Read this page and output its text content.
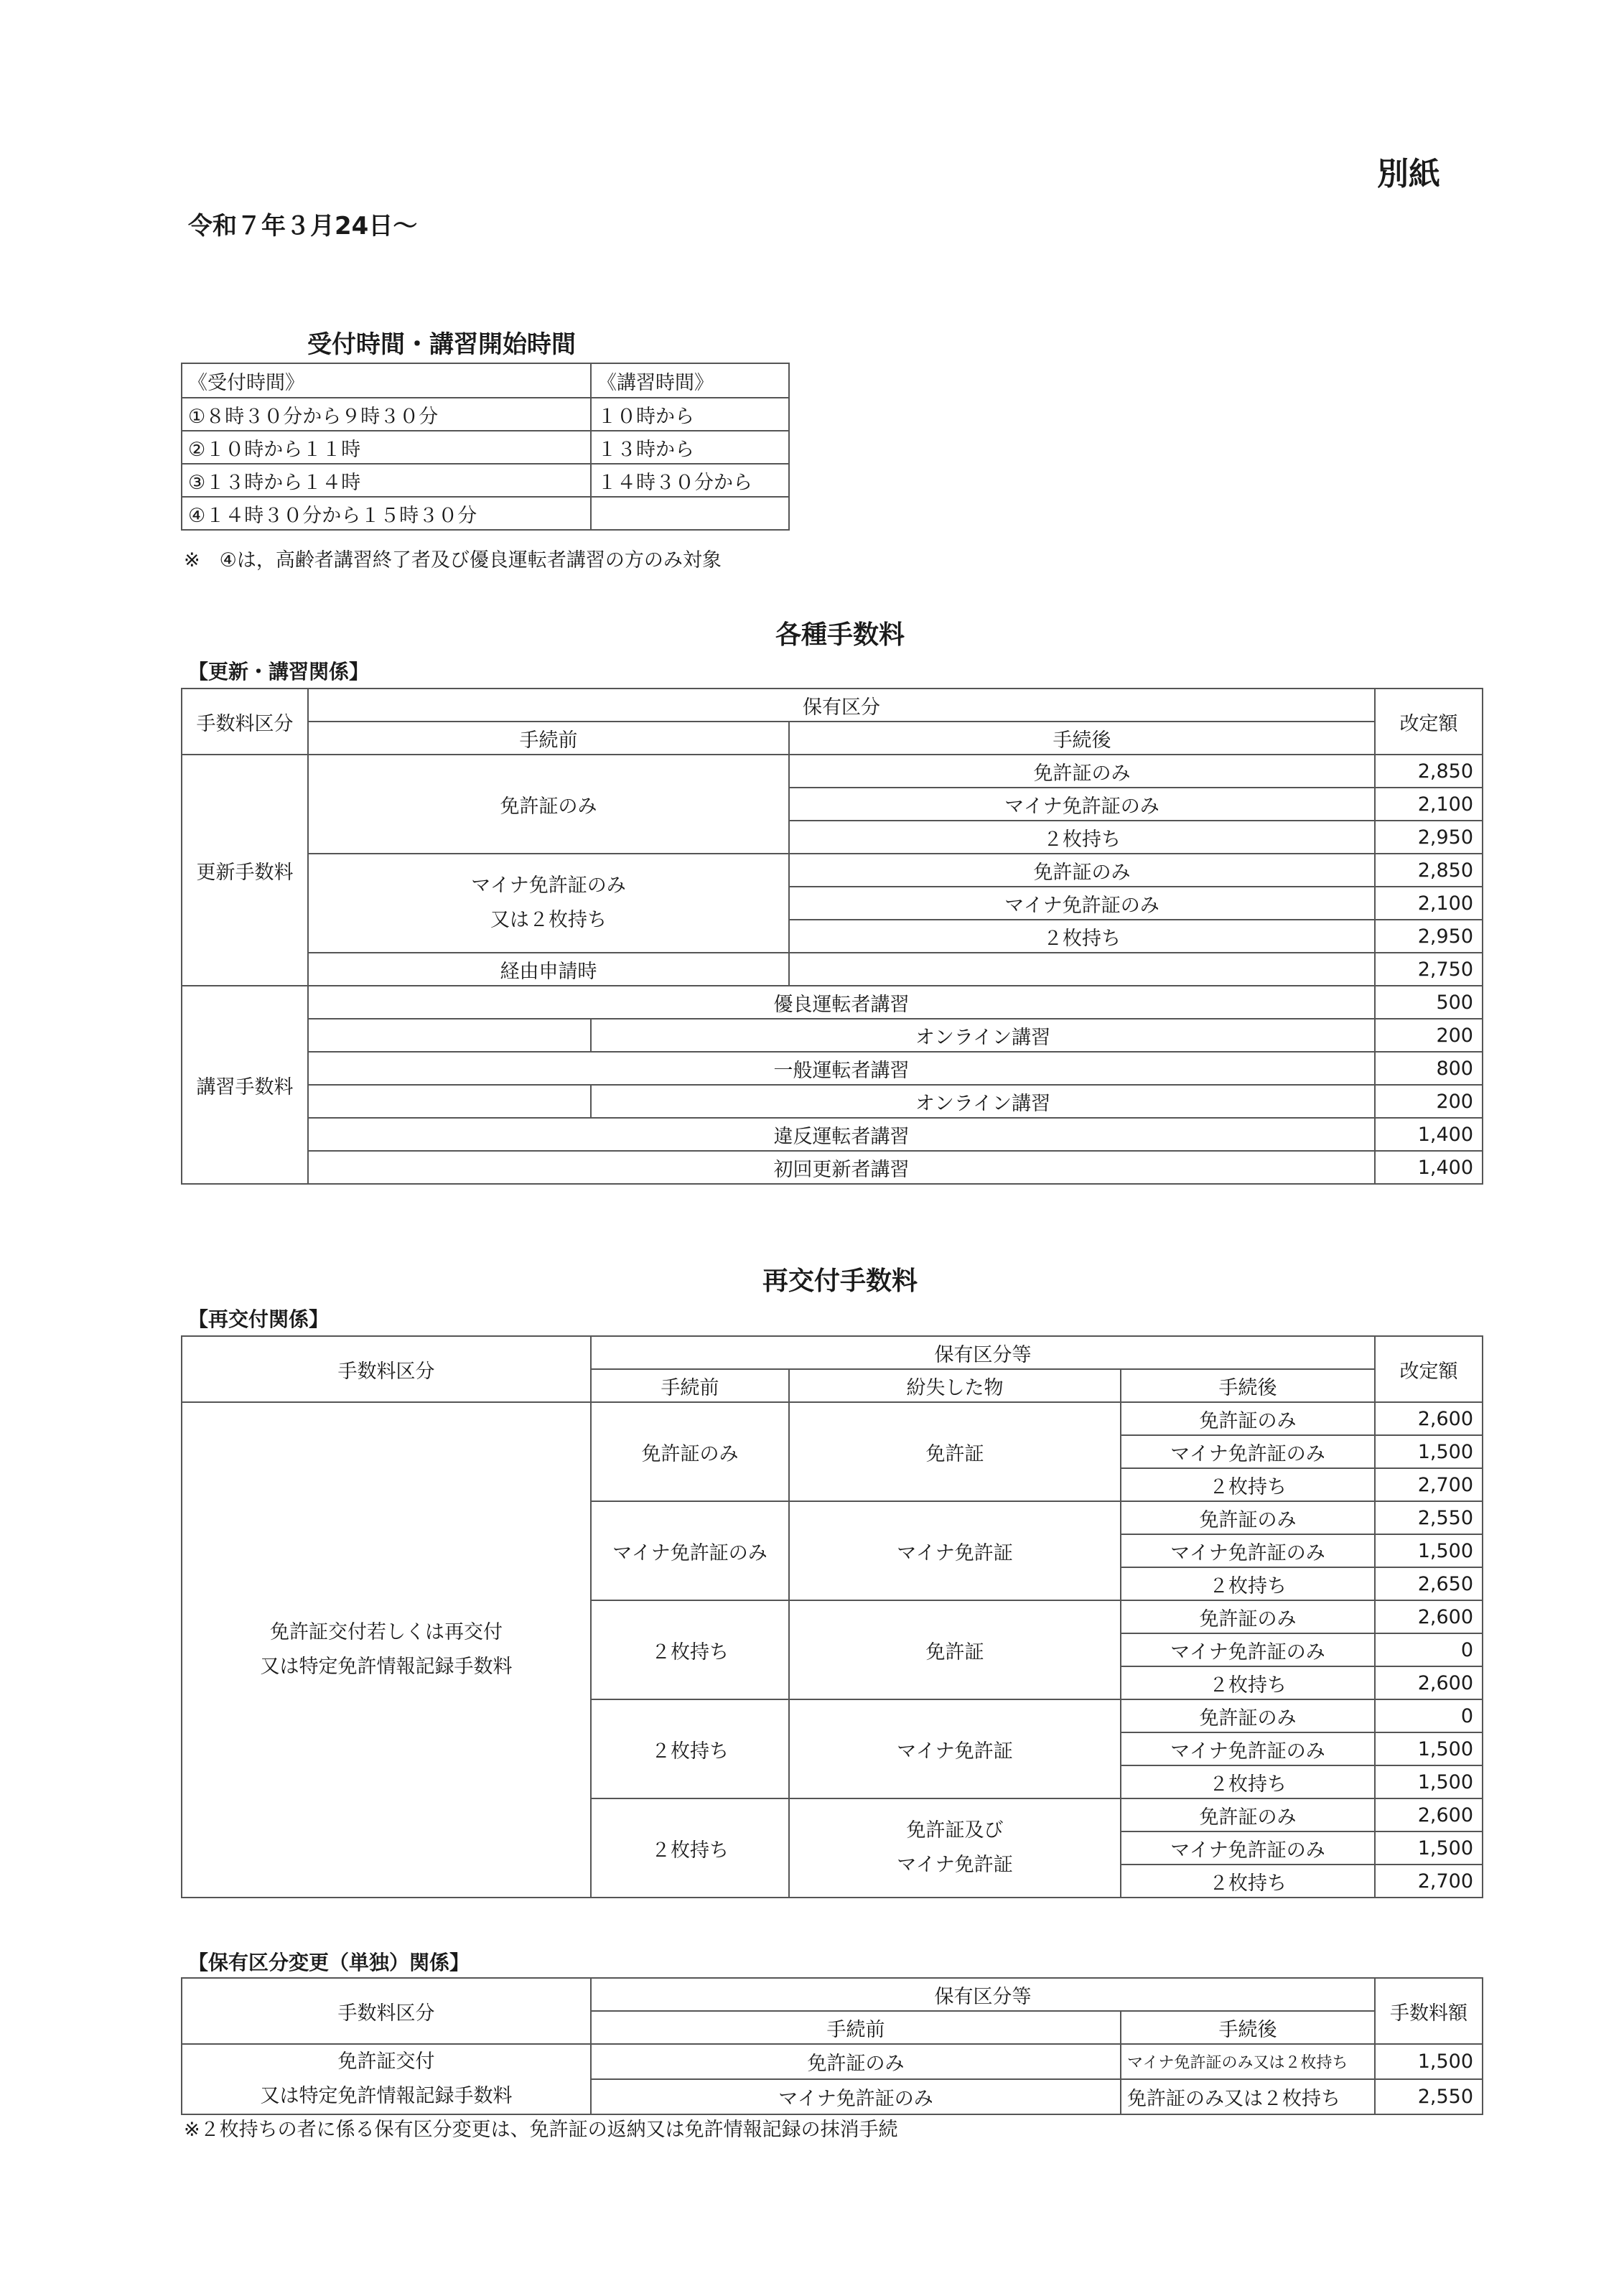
別紙
令和７年３月24日～
受付時間・講習開始時間
《受付時間》	《講習時間》
①８時３０分から９時３０分	１０時から
②１０時から１１時	１３時から
③１３時から１４時	１４時３０分から
④１４時３０分から１５時３０分	
※　④は，高齢者講習終了者及び優良運転者講習の方のみ対象
各種手数料
【更新・講習関係】
手数料区分	保有区分			改定額
	手続前		手続後	
更新手数料	免許証のみ		免許証のみ	2,850
			マイナ免許証のみ	2,100
			２枚持ち	2,950

	マイナ免許証のみ
又は２枚持ち		免許証のみ	2,850
			マイナ免許証のみ	2,100
			２枚持ち	2,950
	経由申請時			2,750
講習手数料	優良運転者講習			500
		オンライン講習		200
	一般運転者講習			800
		オンライン講習		200
	違反運転者講習			1,400
	初回更新者講習			1,400
再交付手数料
【再交付関係】
手数料区分	保有区分等			改定額
	手続前	紛失した物	手続後	

免許証交付若しくは再交付
又は特定免許情報記録手数料	免許証のみ	免許証	免許証のみ	2,600
			マイナ免許証のみ	1,500
			２枚持ち	2,700
	マイナ免許証のみ	マイナ免許証	免許証のみ	2,550
			マイナ免許証のみ	1,500
			２枚持ち	2,650
	２枚持ち	免許証	免許証のみ	2,600
			マイナ免許証のみ	0
			２枚持ち	2,600
	２枚持ち	マイナ免許証	免許証のみ	0
			マイナ免許証のみ	1,500
			２枚持ち	1,500
	２枚持ち	免許証及び
マイナ免許証	免許証のみ	2,600
			マイナ免許証のみ	1,500
			２枚持ち	2,700
【保有区分変更（単独）関係】
手数料区分	保有区分等		手数料額
	手続前	手続後	

免許証交付
又は特定免許情報記録手数料	免許証のみ	マイナ免許証のみ又は２枚持ち	1,500
	マイナ免許証のみ	免許証のみ又は２枚持ち	2,550
※２枚持ちの者に係る保有区分変更は、免許証の返納又は免許情報記録の抹消手続
